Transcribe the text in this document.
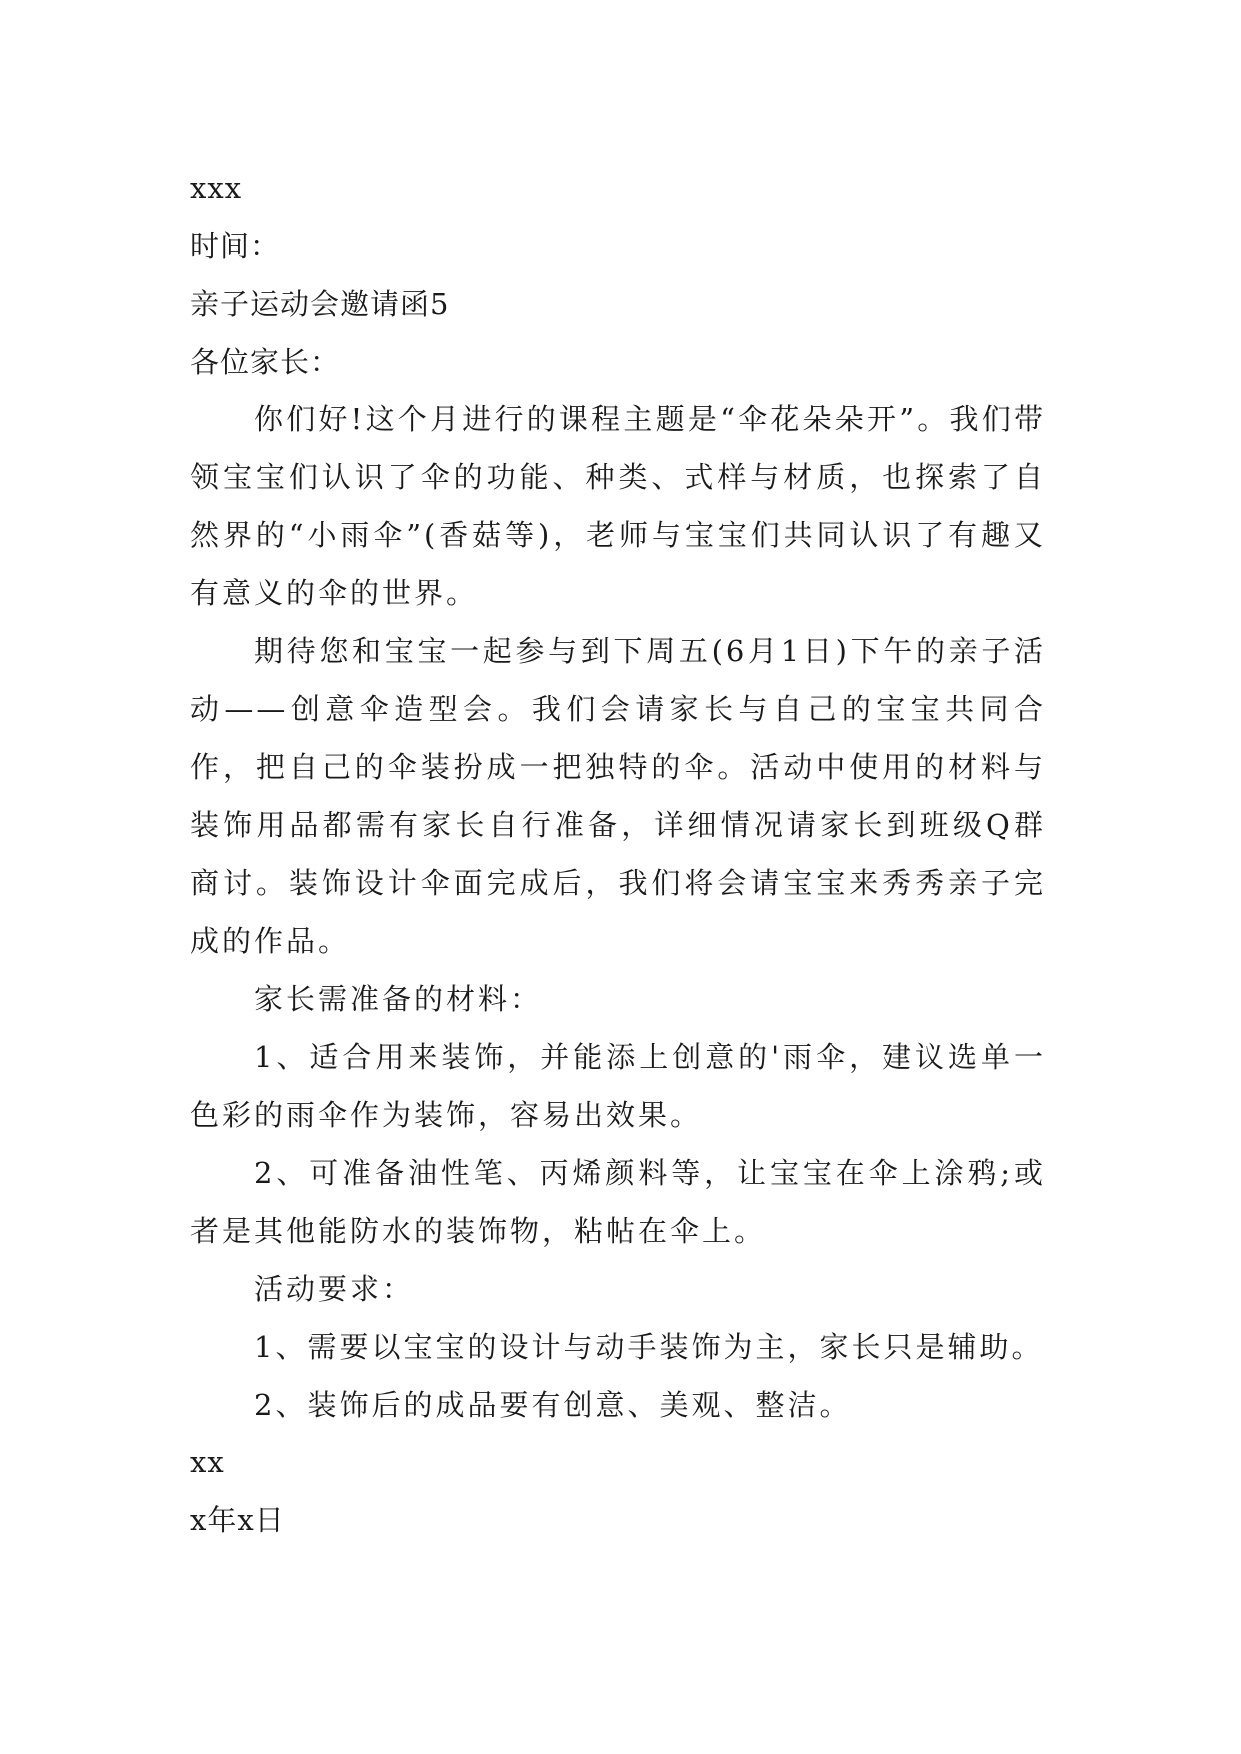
xxx
时间：
亲子运动会邀请函5
各位家长：

你们好!这个月进行的课程主题是“伞花朵朵开”。我们带领宝宝们认识了伞的功能、种类、式样与材质，也探索了自然界的“小雨伞”(香菇等)，老师与宝宝们共同认识了有趣又有意义的伞的世界。

期待您和宝宝一起参与到下周五(6月1日)下午的亲子活动——创意伞造型会。我们会请家长与自己的宝宝共同合作，把自己的伞装扮成一把独特的伞。活动中使用的材料与装饰用品都需有家长自行准备，详细情况请家长到班级Q群商讨。装饰设计伞面完成后，我们将会请宝宝来秀秀亲子完成的作品。

家长需准备的材料：

1、适合用来装饰，并能添上创意的'雨伞，建议选单一色彩的雨伞作为装饰，容易出效果。

2、可准备油性笔、丙烯颜料等，让宝宝在伞上涂鸦;或者是其他能防水的装饰物，粘帖在伞上。

活动要求：

1、需要以宝宝的设计与动手装饰为主，家长只是辅助。

2、装饰后的成品要有创意、美观、整洁。

xx
x年x日
